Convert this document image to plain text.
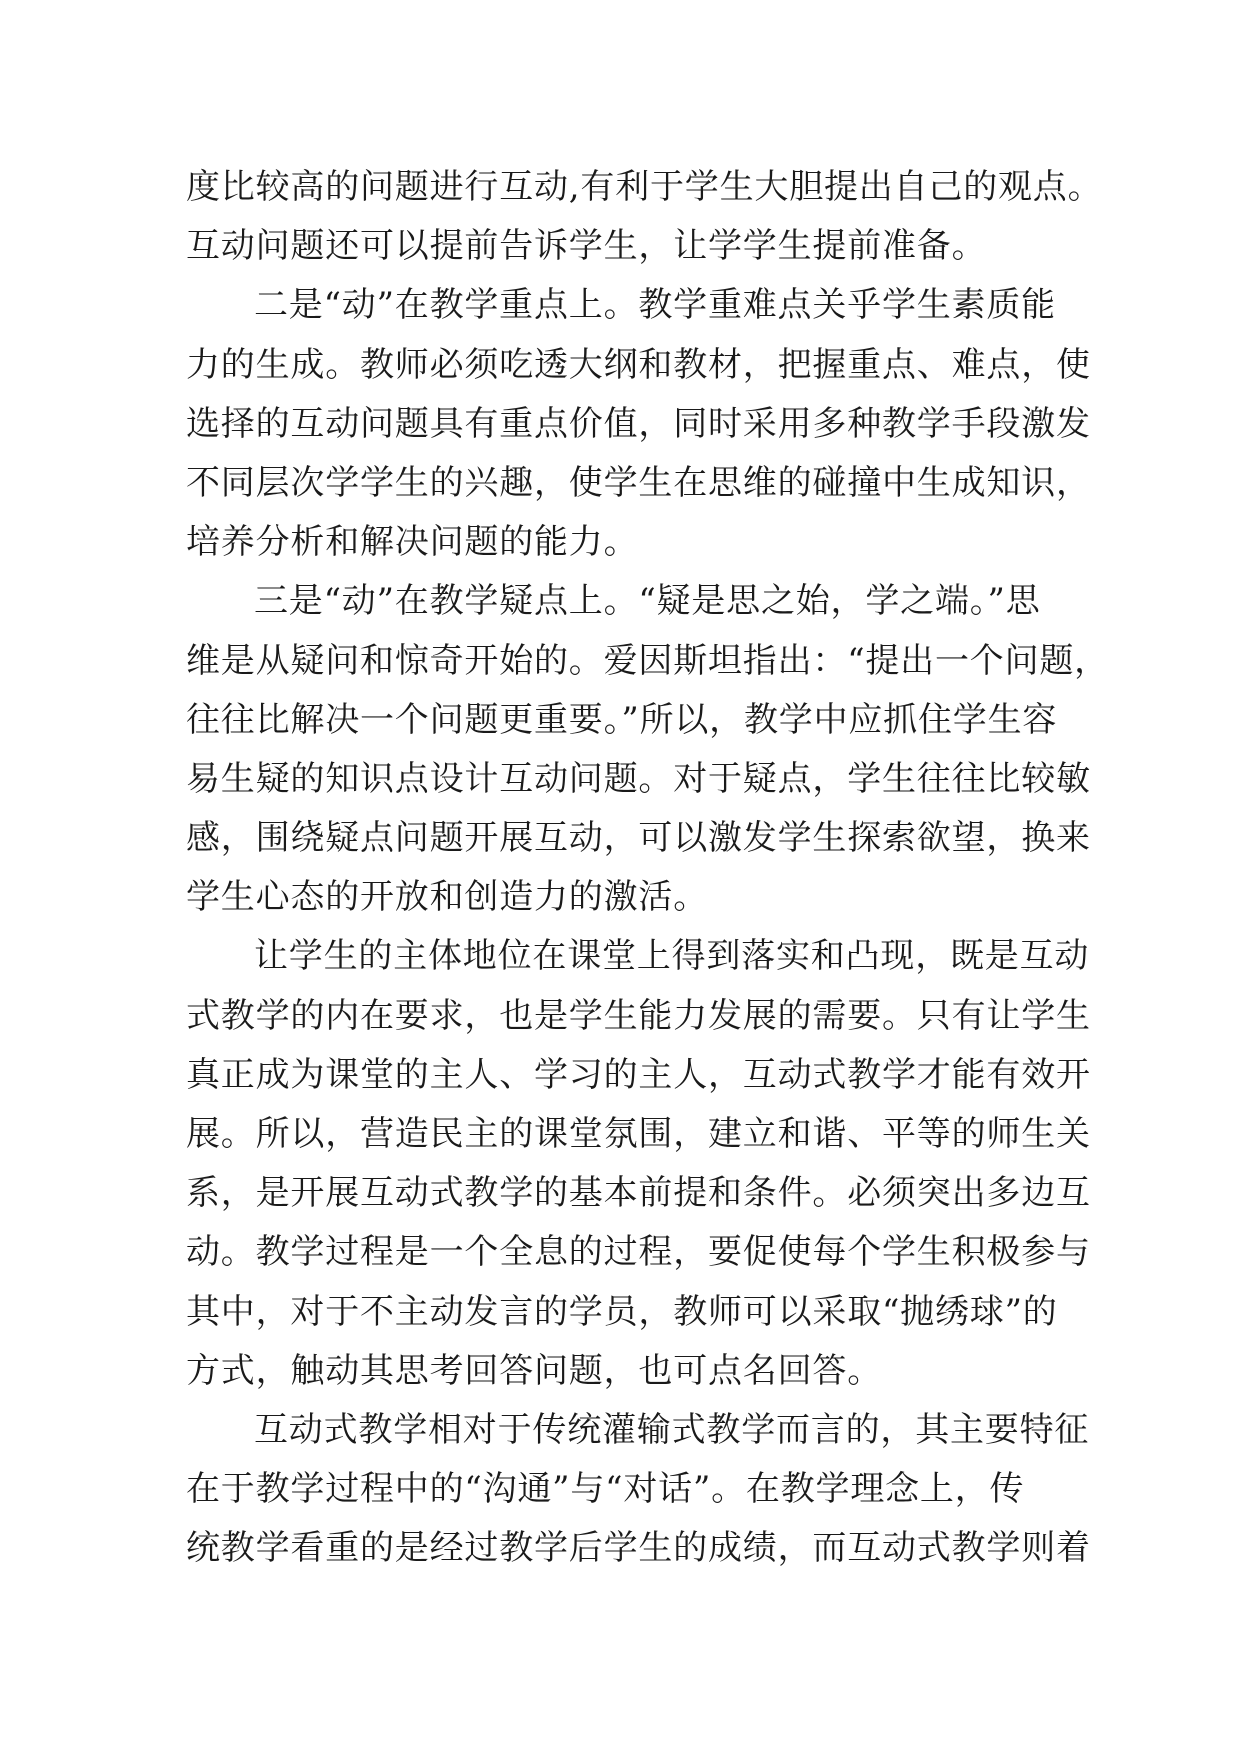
度比较高的问题进行互动,有利于学生大胆提出自己的观点。
互动问题还可以提前告诉学生，让学学生提前准备。
二是“动”在教学重点上。教学重难点关乎学生素质能
力的生成。教师必须吃透大纲和教材，把握重点、难点，使
选择的互动问题具有重点价值，同时采用多种教学手段激发
不同层次学学生的兴趣，使学生在思维的碰撞中生成知识，
培养分析和解决问题的能力。
三是“动”在教学疑点上。“疑是思之始，学之端。”思
维是从疑问和惊奇开始的。爱因斯坦指出：“提出一个问题，
往往比解决一个问题更重要。”所以，教学中应抓住学生容
易生疑的知识点设计互动问题。对于疑点，学生往往比较敏
感，围绕疑点问题开展互动，可以激发学生探索欲望，换来
学生心态的开放和创造力的激活。
让学生的主体地位在课堂上得到落实和凸现，既是互动
式教学的内在要求，也是学生能力发展的需要。只有让学生
真正成为课堂的主人、学习的主人，互动式教学才能有效开
展。所以，营造民主的课堂氛围，建立和谐、平等的师生关
系，是开展互动式教学的基本前提和条件。必须突出多边互
动。教学过程是一个全息的过程，要促使每个学生积极参与
其中，对于不主动发言的学员，教师可以采取“抛绣球”的
方式，触动其思考回答问题，也可点名回答。
互动式教学相对于传统灌输式教学而言的，其主要特征
在于教学过程中的“沟通”与“对话”。在教学理念上，传
统教学看重的是经过教学后学生的成绩，而互动式教学则着
